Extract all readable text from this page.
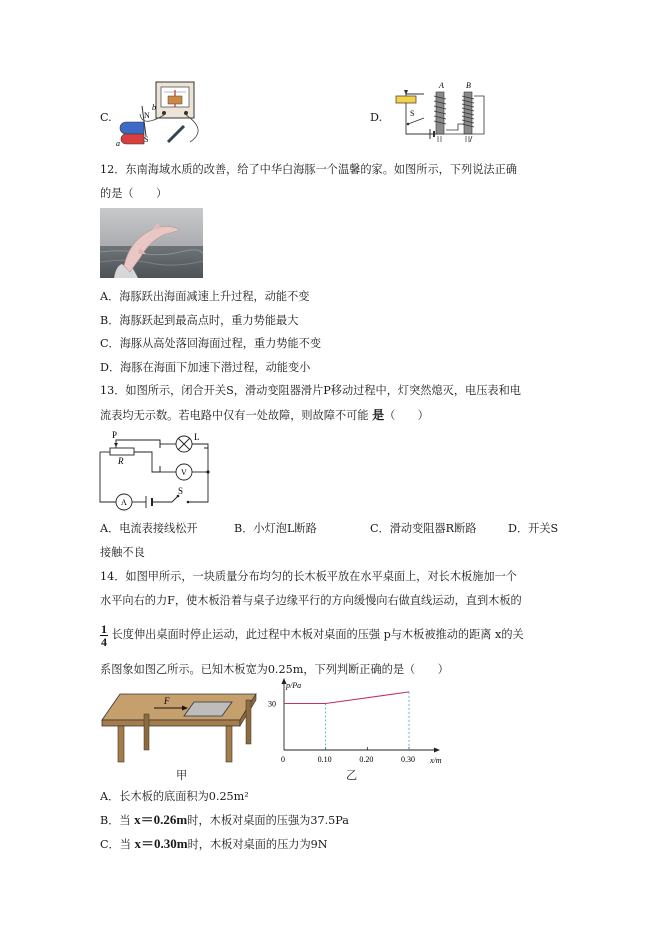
C.	N
b
S
a
D.
A	B
S
12．东南海域水质的改善，给了中华白海豚一个温馨的家。如图所示，下列说法正确
的是（　　）
A．海豚跃出海面减速上升过程，动能不变
B．海豚跃起到最高点时，重力势能最大
C．海豚从高处落回海面过程，重力势能不变
D．海豚在海面下加速下潜过程，动能变小
13．如图所示，闭合开关S，滑动变阻器滑片P移动过程中，灯突然熄灭，电压表和电
流表均无示数。若电路中仅有一处故障，则故障不可能 是（　　）
P	L
R
V
A
S
A．电流表接线松开	B．小灯泡L断路	C．滑动变阻器R断路	D．开关S
接触不良
14．如图甲所示，一块质量分布均匀的长木板平放在水平桌面上，对长木板施加一个
水平向右的力F，使木板沿着与桌子边缘平行的方向缓慢向右做直线运动，直到木板的
$\frac{1}{4}$ 长度伸出桌面时停止运动，此过程中木板对桌面的压强 p与木板被推动的距离 x的关
系图象如图乙所示。已知木板宽为0.25m，下列判断正确的是（　　）
F
甲
p/Pa
x/m
0	0.10	0.20	0.30
30
乙
A．长木板的底面积为0.25m²
B．当 x＝0.26m时，木板对桌面的压强为37.5Pa
C．当 x＝0.30m时，木板对桌面的压力为9N
